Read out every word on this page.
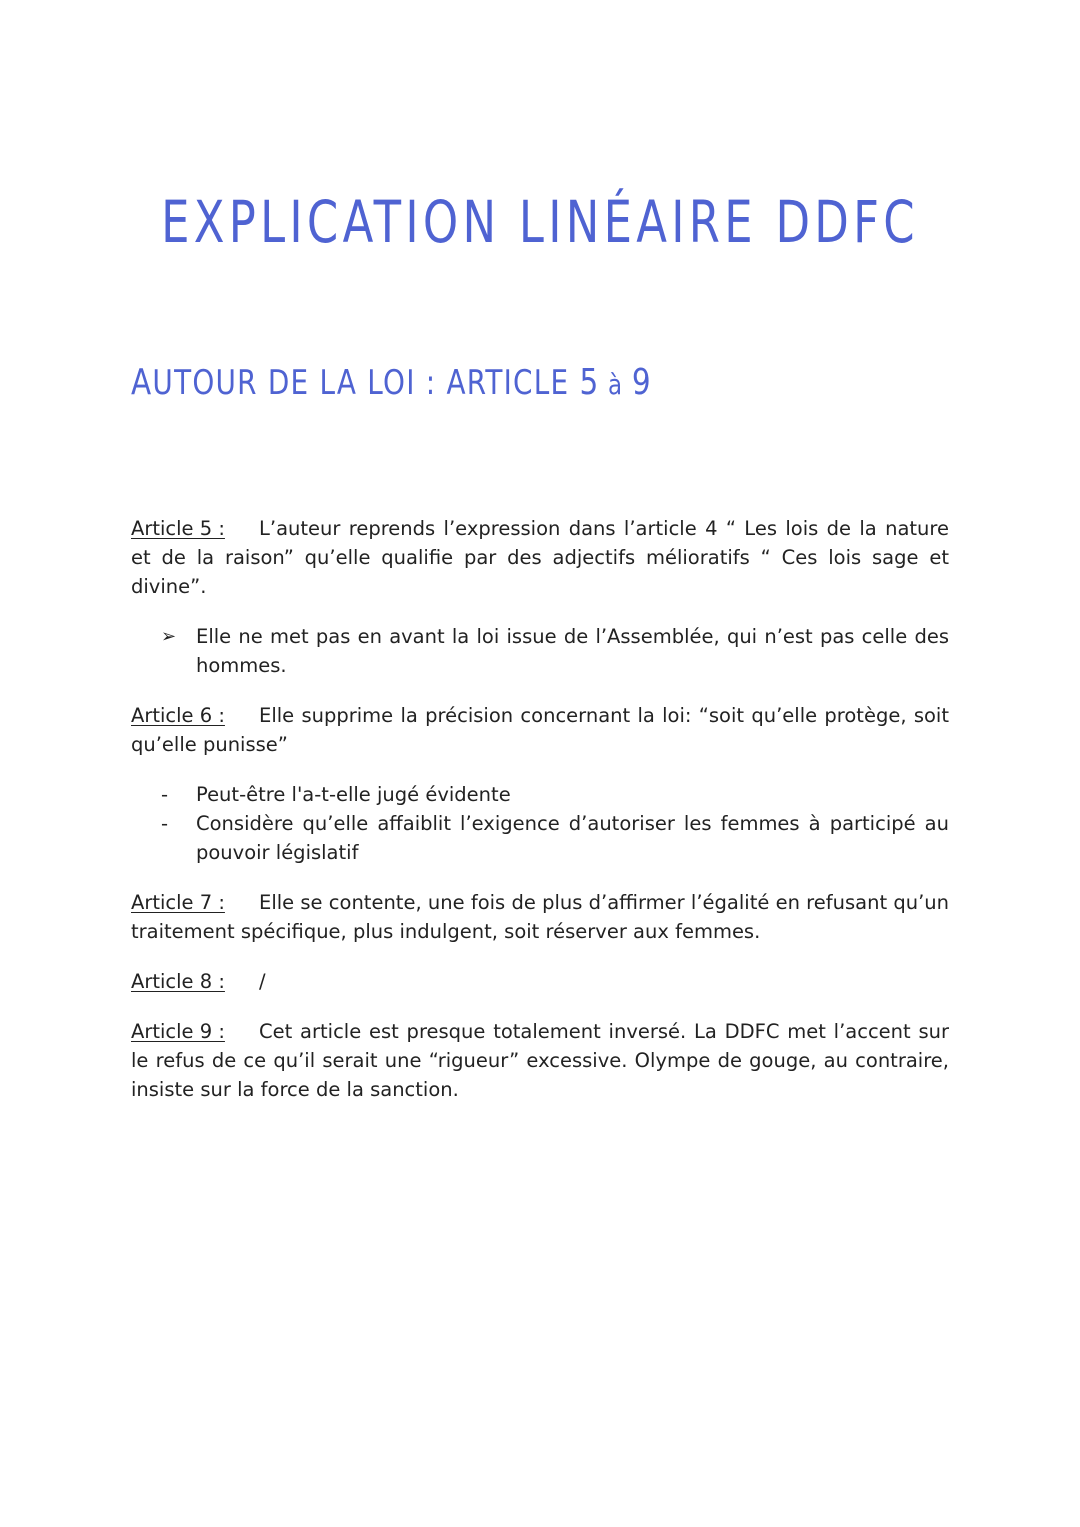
EXPLICATION LINÉAIRE DDFC
AUTOUR DE LA LOI : ARTICLE 5 à 9

Article 5 : L’auteur reprends l’expression dans l’article 4 “ Les lois de la nature et de la raison” qu’elle qualifie par des adjectifs mélioratifs “ Ces lois sage et divine”.

➢ Elle ne met pas en avant la loi issue de l’Assemblée, qui n’est pas celle des hommes.

Article 6 : Elle supprime la précision concernant la loi: “soit qu’elle protège, soit qu’elle punisse”

- Peut-être l'a-t-elle jugé évidente
- Considère qu’elle affaiblit l’exigence d’autoriser les femmes à participé au pouvoir législatif

Article 7 : Elle se contente, une fois de plus d’affirmer l’égalité en refusant qu’un traitement spécifique, plus indulgent, soit réserver aux femmes.

Article 8 : /

Article 9 : Cet article est presque totalement inversé. La DDFC met l’accent sur le refus de ce qu’il serait une “rigueur” excessive. Olympe de gouge, au contraire, insiste sur la force de la sanction.
